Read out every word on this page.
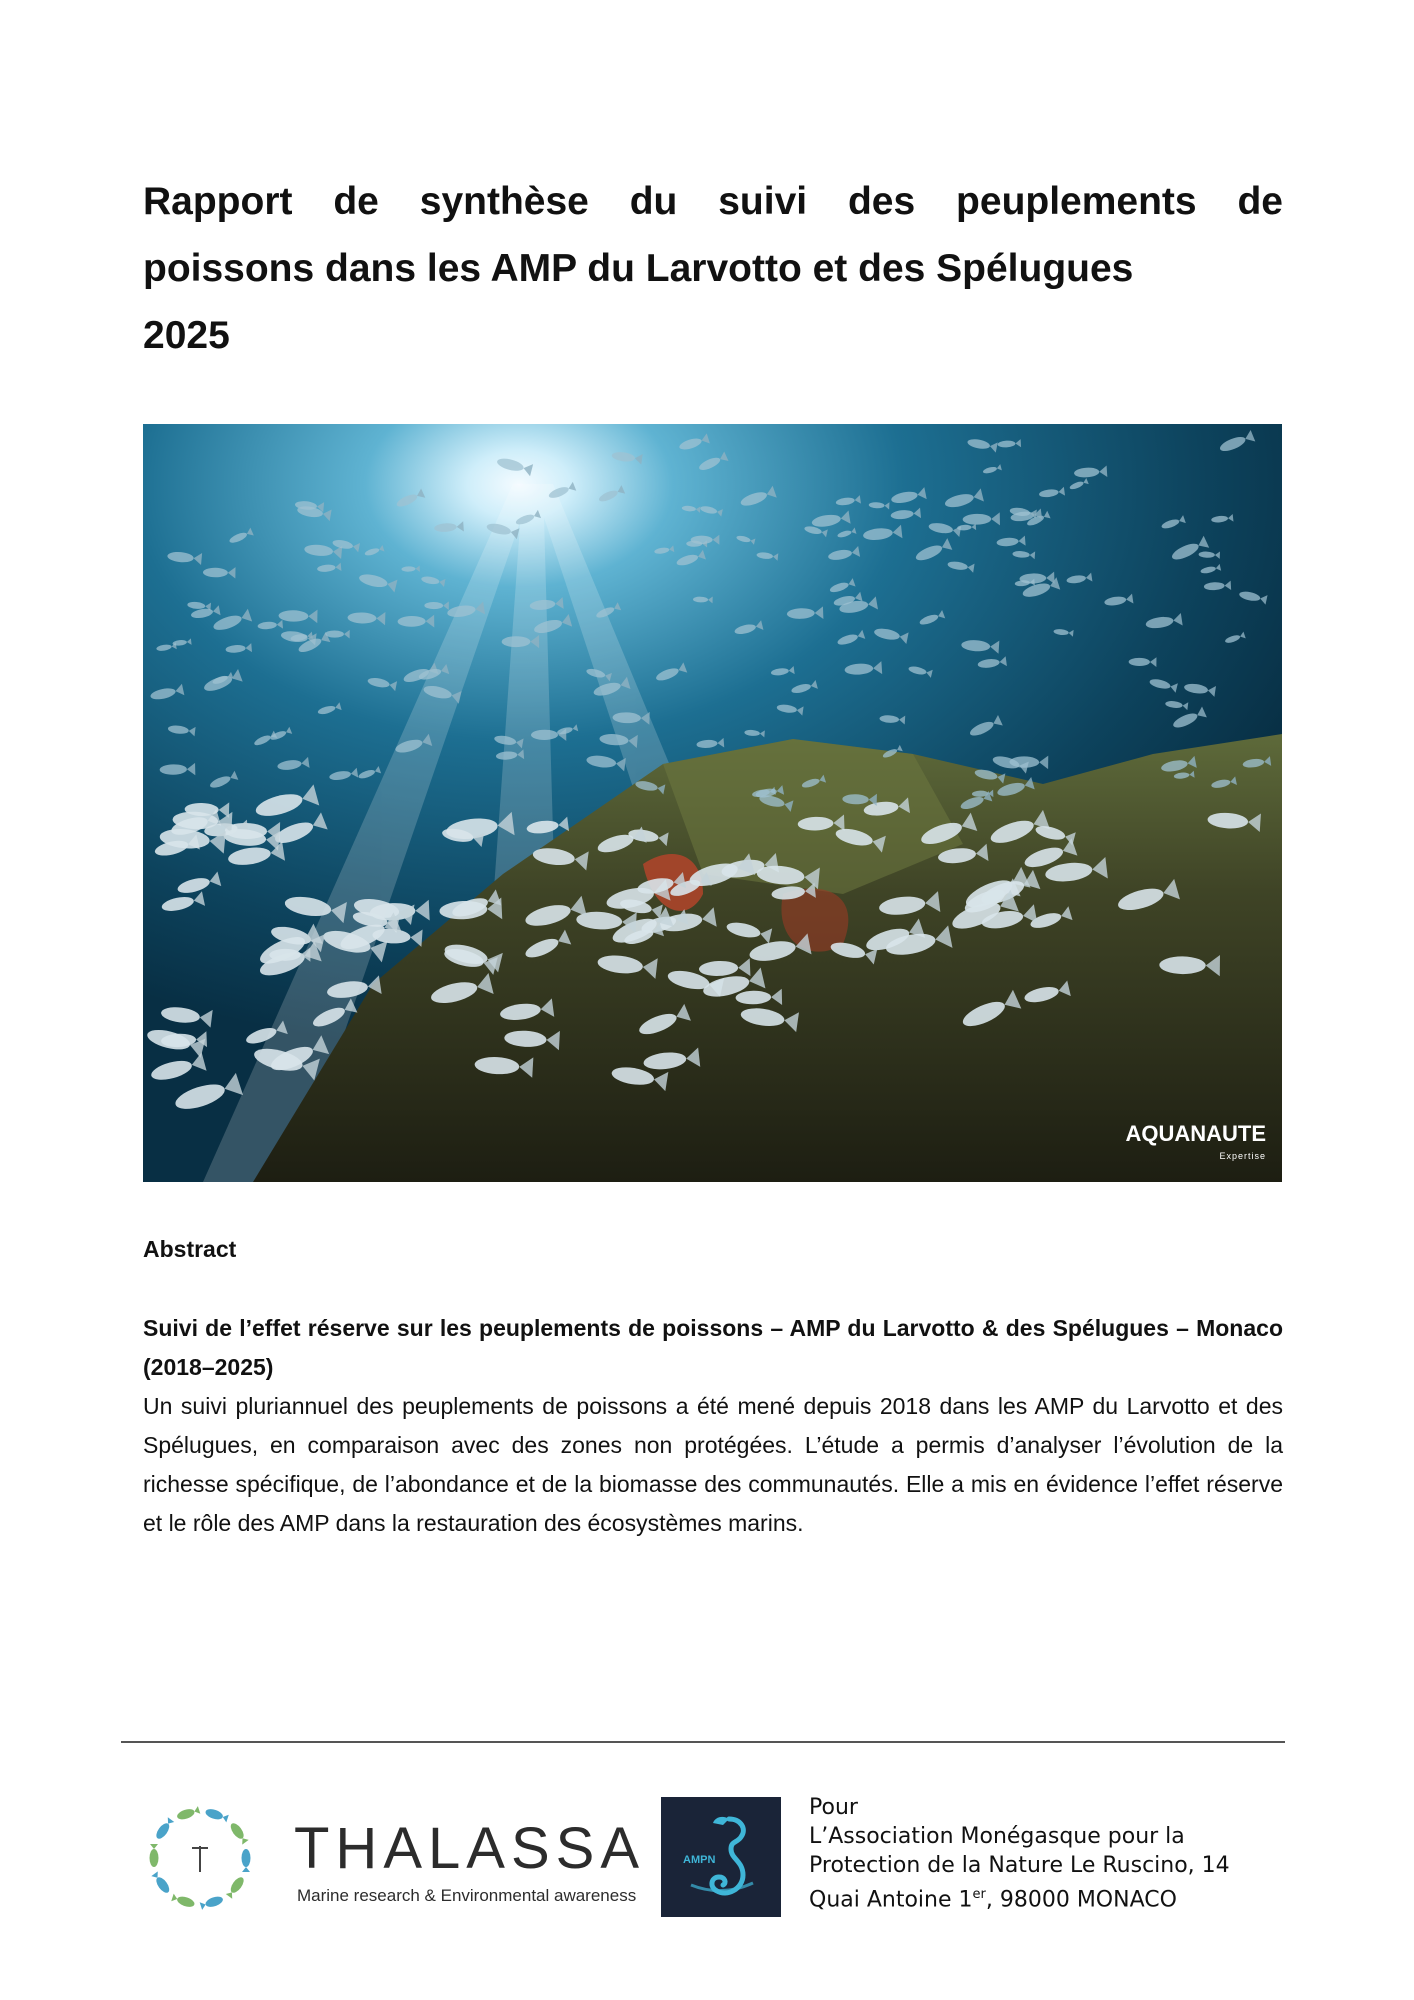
Rapport de synthèse du suivi des peuplements de
poissons dans les AMP du Larvotto et des Spélugues
2025
AQUANAUTE
Expertise
Abstract

Suivi de l’effet réserve sur les peuplements de poissons – AMP du Larvotto & des Spélugues – Monaco (2018–2025)

Un suivi pluriannuel des peuplements de poissons a été mené depuis 2018 dans les AMP du Larvotto et des Spélugues, en comparaison avec des zones non protégées. L’étude a permis d’analyser l’évolution de la richesse spécifique, de l’abondance et de la biomasse des communautés. Elle a mis en évidence l’effet réserve et le rôle des AMP dans la restauration des écosystèmes marins.

THALASSA
Marine research & Environmental awareness
AMPN

Pour
L’Association Monégasque pour la
Protection de la Nature Le Ruscino, 14
Quai Antoine 1er, 98000 MONACO
